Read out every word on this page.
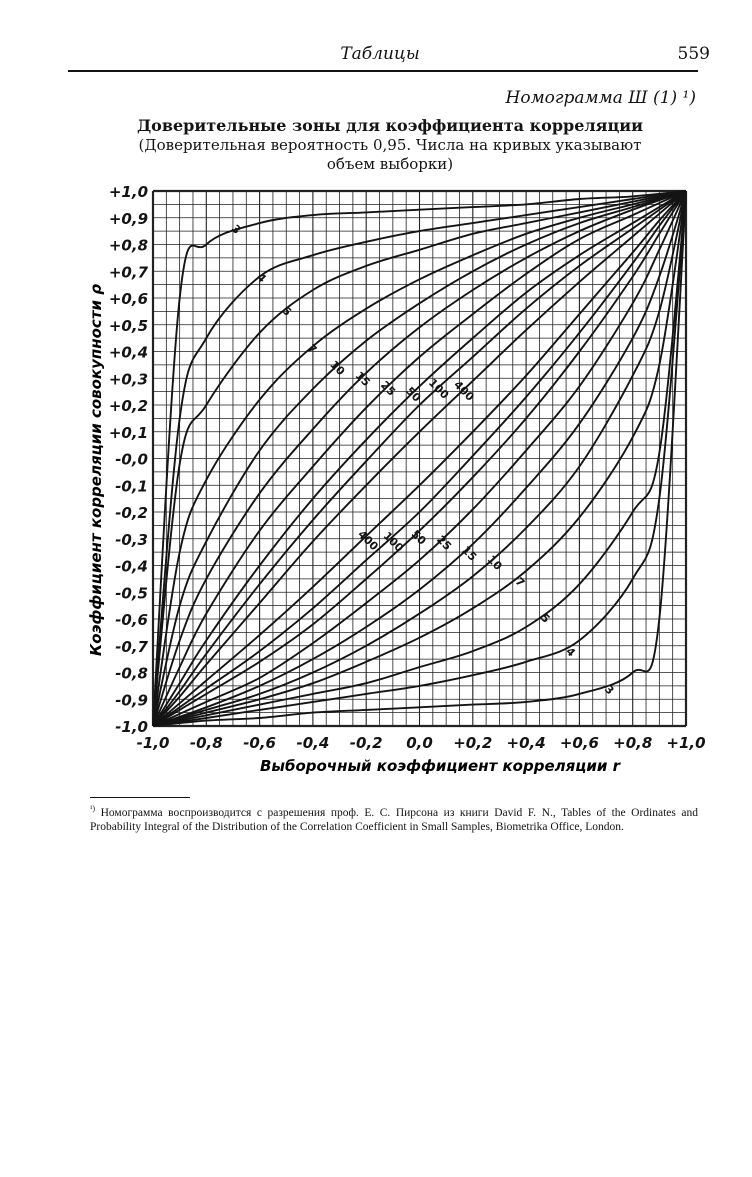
Таблицы	559
Номограмма Ш (1) ¹)
Доверительные зоны для коэффициента корреляции
(Доверительная вероятность 0,95. Числа на кривых указывают
объем выборки)
3
4
5
7
10
15 25 50 100 400
400 100 50 25
15 10
7
5
4
3
-1,0 -0,8 -0,6 -0,4 -0,2 0,0 +0,2 +0,4 +0,6 +0,8 +1,0
+1,0
+0,9
+0,8
+0,7
+0,6
+0,5
+0,4
+0,3
+0,2
+0,1
-0,0
-0,1
-0,2
-0,3
-0,4
-0,5
-0,6
-0,7
-0,8
-0,9
-1,0
Выборочный коэффициент корреляции r
Коэффициент корреляции совокупности ρ
$^{^1)}$ Номограмма воспроизводится с разрешения проф. Е. С. Пирсона из книги David F. N., Tables of the Ordinates and Probability Integral of the Distribution of the Correlation Coefficient in Small Samples, Biometrika Office, London.
